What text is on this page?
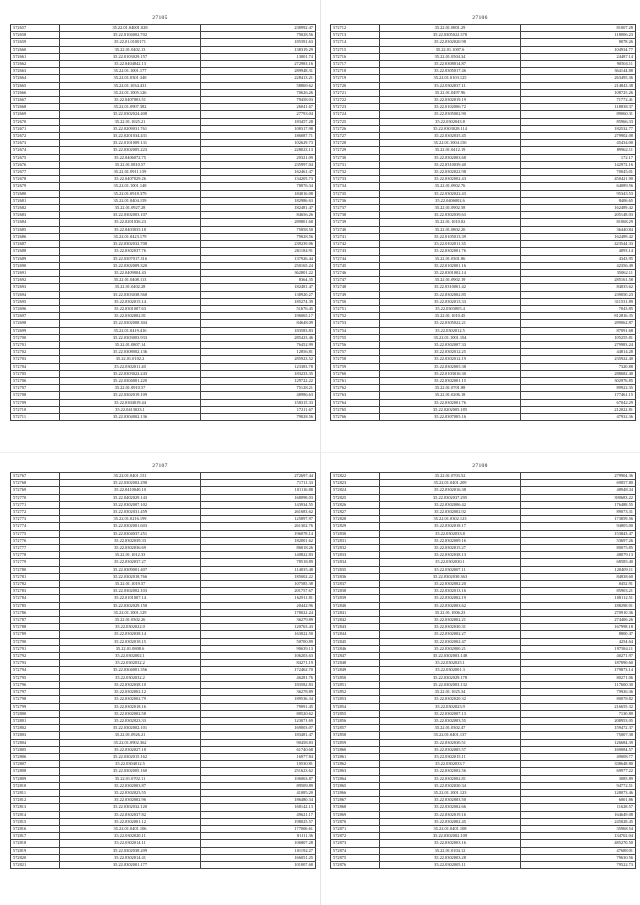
27105
572657	35.22.01.04001.028	238992.47
572658	35.22.0104002.702	79028.56
572659	35.22.01.0100171	185391.63
572660	35.22.01.0402.13	138319.29
572661	35.22.0103029.157	13001.74
572662	35.22.0404842.13	272983.16
572663	35.22.01.1001.177	289948.31
572664	35.22.01.0301.348	228413.21
572665	35.22.01.1034.431	58869.62
572666	35.22.01.1005.126	70626.26
572667	35.22.0407003.51	79458.03
572668	35.22.01.0907.382	26041.67
572669	35.22.0302024.408	27793.04
572670	35.22.01.1025.21	183457.28
572671	35.22.0209031.761	108317.98
572672	35.22.0201034.431	186087.71
572673	35.22.0101009.131	102629.73
572674	35.22.0302005.223	228023.13
572675	35.22.0406072.75	20321.09
572676	35.22.01.0810.57	235997.04
572677	35.22.01.0911.159	162461.47
572678	35.22.0407029.26	134205.73
572679	35.22.01.1001.148	78076.34
572680	35.22.01.0918.379	184016.08
572681	35.22.01.0404.159	182986.63
572682	35.22.01.0927.28	182481.47
572683	35.22.0302003.107	84656.26
572684	35.22.0201036.23	289801.68
572685	35.22.0403035.18	75858.50
572686	35.22.01.0423.179	79028.56
572687	35.22.0302032.708	239239.06
572688	35.22.0302037.76	261184.91
572689	35.22.0307017.316	137926.44
572690	35.22.0302009.320	250165.24
572691	35.22.0409004.43	362801.22
572692	35.22.01.0408.113	8364.35
572693	35.22.01.0402.28	182481.47
572694	35.22.0303038.568	138920.27
572695	35.22.0302015.14	185274.39
572696	35.22.0301007.63	51676.45
572697	35.22.0302002.81	196065.17
572698	35.22.0302008.304	84648.09
572699	35.22.01.0419.416	183583.83
572700	35.22.0303003.933	285423.46
572701	35.22.01.0807.14	76452.99
572702	35.22.0308002.136	12856.81
572703	35.22.01.0102.2	285923.52
572704	35.22.0302011.40	123383.78
572705	35.22.0303022.243	183233.35
572706	35.22.0304001.220	129722.22
572707	35.22.01.0910.57	75128.21
572708	35.22.0302019.109	48986.63
572709	35.22.0304019.44	158315.33
572710	35.22.0413023.1	17211.67
572711	35.22.0304002.136	79028.56
27106
572712	35.22.01.0801.29	81007.28
572713	35.22.0305022.378	118006.23
572714	35.22.0302020.98	8078.26
572715	35.22.01.1007.6	104934.77
572716	35.22.01.0504.34	24487.14
572717	35.22.0308014.87	90504.11
572718	35.22.0305017.46	364144.88
572719	35.22.01.0103.125	263495.36
572720	35.22.0302037.11	214843.38
572721	35.22.01.0497.96	108725.26
572722	35.22.0302019.19	71772.41
572723	35.22.0102006.72	118838.37
572724	35.22.0305002.90	89060.31
572725	35.22.0302043.8	85966.33
572726	35.22.0303028.114	182532.77
572727	35.22.0302035.45	279902.08
572728	35.22.01.1004.150	45434.00
572729	35.22.01.0412.19	89962.11
572730	35.22.0302003.68	172.17
572731	35.22.0310039.40	142972.16
572732	35.22.0302022.98	70045.01
572733	35.22.0302002.43	450421.90
572734	35.22.01.0902.76	64089.56
572735	35.22.0302022.43	95343.53
572736	35.22.0406002.6	8406.65
572737	35.22.01.0902.58	162489.42
572738	35.22.0302039.63	205148.03
572739	35.22.01.1010.02	81068.29
572740	35.22.01.0802.20	36440.84
572741	35.22.0105013.39	162489.42
572742	35.22.0102011.35	423544.33
572743	35.22.0302001.76	4093.14
572744	35.22.01.0301.86	4343.95
572745	35.22.0102001.16	42356.49
572746	35.22.0301002.14	35062.11
572747	35.22.01.0902.19	285161.58
572748	35.22.0310001.42	84035.62
572749	35.22.0302002.85	239050.23
572750	35.22.0302013.33	311531.89
572751	35.22.0303005.4	7043.85
572752	35.22.01.1010.45	812816.35
572753	35.22.0305022.21	289062.87
572754	35.22.0302012.5	87091.68
572755	35.22.01.1001.104	105255.81
572756	35.22.0302007.33	279983.24
572757	35.22.0302012.25	44814.28
572758	35.22.0302012.19	235922.40
572759	35.22.0302005.38	7320.88
572760	35.22.0103016.30	288682.40
572761	35.22.0302001.15	302976.85
572762	35.22.01.0701.88	89922.35
572763	35.22.01.0206.18	177461.15
572764	35.22.0302001.76	67042.29
572765	35.22.0202005.185	212022.81
572766	35.22.0307005.16	47932.36
27107
572767	35.22.01.0401.151	272697.44
572768	35.22.0302002.298	71711.33
572769	35.22.0410040.10	101116.88
572770	35.22.0402029.143	168098.03
572771	35.22.0302007.102	143934.55
572772	35.22.0302031.459	261683.62
572773	35.22.01.0216.199	125897.97
572774	35.22.0302001.603	261302.76
572775	35.22.0304037.251	196078.14
572776	35.22.0302039.33	182001.62
572777	35.22.0302036.69	86818.26
572778	35.22.01.1012.33	140822.83
572779	35.22.0302037.27	78518.89
572780	35.22.0309001.407	114035.48
572781	35.22.0302018.766	185002.22
572782	35.22.01.1019.57	107585.38
572783	35.22.0302002.103	201757.67
572784	35.22.0101007.14	162911.81
572785	35.22.0302029.158	20442.96
572786	35.22.01.1001.129	178022.24
572787	35.22.01.0302.26	36279.89
572788	35.22.0302022.0	120763.43
572789	35.22.0302038.14	163022.50
572790	35.22.0302018.15	50700.89
572791	35.22.01.0808.6	90639.13
572792	35.22.0302002.1	106203.63
572793	35.22.0302032.2	84271.19
572794	35.22.0304001.356	172462.70
572795	35.22.0302032.2	46281.76
572796	35.22.0302038.10	183582.83
572797	35.22.0302002.12	36278.89
572798	35.22.0302002.79	189536.34
572799	35.22.0302018.16	79091.45
572800	35.22.0302002.58	80520.62
572801	35.22.0302023.33	123071.69
572802	35.22.0302002.101	169003.07
572803	35.22.01.0926.21	183481.47
572804	35.22.01.0902.362	90458.83
572805	35.22.0302027.18	61740.68
572806	35.22.0302015.162	16977.84
572807	35.22.0304012.5	10530.81
572808	35.22.0302005.160	251623.62
572809	35.22.01.0702.11	106063.87
572810	35.22.0302003.87	89509.89
572811	35.22.0302023.55	41085.20
572812	35.22.0302002.96	186480.34
572813	35.22.0302032.120	168142.13
572814	35.22.0302037.82	49621.17
572815	35.22.0302001.12	198025.57
572816	35.22.01.0401.106	177006.61
572817	35.22.0302020.11	81111.36
572818	35.22.0302014.11	106807.28
572819	35.22.0302038.209	101192.27
572820	35.22.0302014.41	166051.25
572821	35.22.0302001.177	101007.68
27108
572822	35.22.01.0703.52	279904.36
572823	35.22.01.0401.209	69057.80
572824	35.22.0302016.38	48948.34
572825	35.22.0302037.295	390683.22
572826	35.22.0302006.42	176488.55
572827	35.22.0302002.02	89073.31
572828	35.22.01.0302.123	173859.56
572829	35.22.0302018.17	94805.00
572830	35.22.0302033.8	153843.47
572831	35.22.0302009.16	53697.26
572832	35.22.0302015.27	80075.85
572833	35.22.0302038.13	48079.13
572834	35.22.0302030.1	68585.40
572835	35.22.0302007.11	120409.11
572836	35.22.0302030.363	84838.60
572837	35.22.0302002.20	8452.91
572838	35.22.0302013.16	85903.21
572839	35.22.0302002.19	108112.51
572840	35.22.0302003.62	188298.01
572841	35.22.01.1006.23	270910.36
572842	35.22.0302002.21	274406.26
572843	35.22.0302030.31	167998.18
572844	35.22.0302002.27	8800.47
572845	35.22.0302002.47	4254.64
572846	35.22.0302000.21	197584.11
572847	35.22.0302003.148	40271.97
572848	35.22.0302025.1	187890.60
572849	35.22.0302001.3	179873.14
572850	35.22.0302029.178	80271.06
572851	35.22.0302003.132	117600.30
572852	35.22.01.1025.34	79926.36
572853	35.22.0302020.32	80078.82
572854	35.22.0302023.9	216655.32
572855	35.22.0302007.13	7130.80
572856	35.22.0302003.55	208953.05
572857	35.22.01.0302.47	159472.37
572858	35.22.01.0401.137	75007.38
572859	35.22.0302030.51	126684.39
572860	35.22.0302005.57	169084.57
572861	35.22.0302015.11	49008.77
572862	35.22.0302033.7	338648.80
572863	35.22.0302002.56	69977.22
572864	35.22.0302002.81	3085.89
572865	35.22.0302030.34	94772.51
572866	35.22.01.1001.123	128073.46
572867	35.22.0302003.50	6001.86
572868	35.22.0302002.66	11628.57
572869	35.22.0302019.16	164649.08
572870	35.22.0302002.45	245028.45
572871	35.22.01.0401.108	35968.54
572872	35.22.0302002.109	134702.04
572873	35.22.0302003.16	485270.50
572874	35.22.01.0104.12	47688.01
572875	35.22.0302003.28	79630.56
572876	35.22.0302005.11	79522.73
